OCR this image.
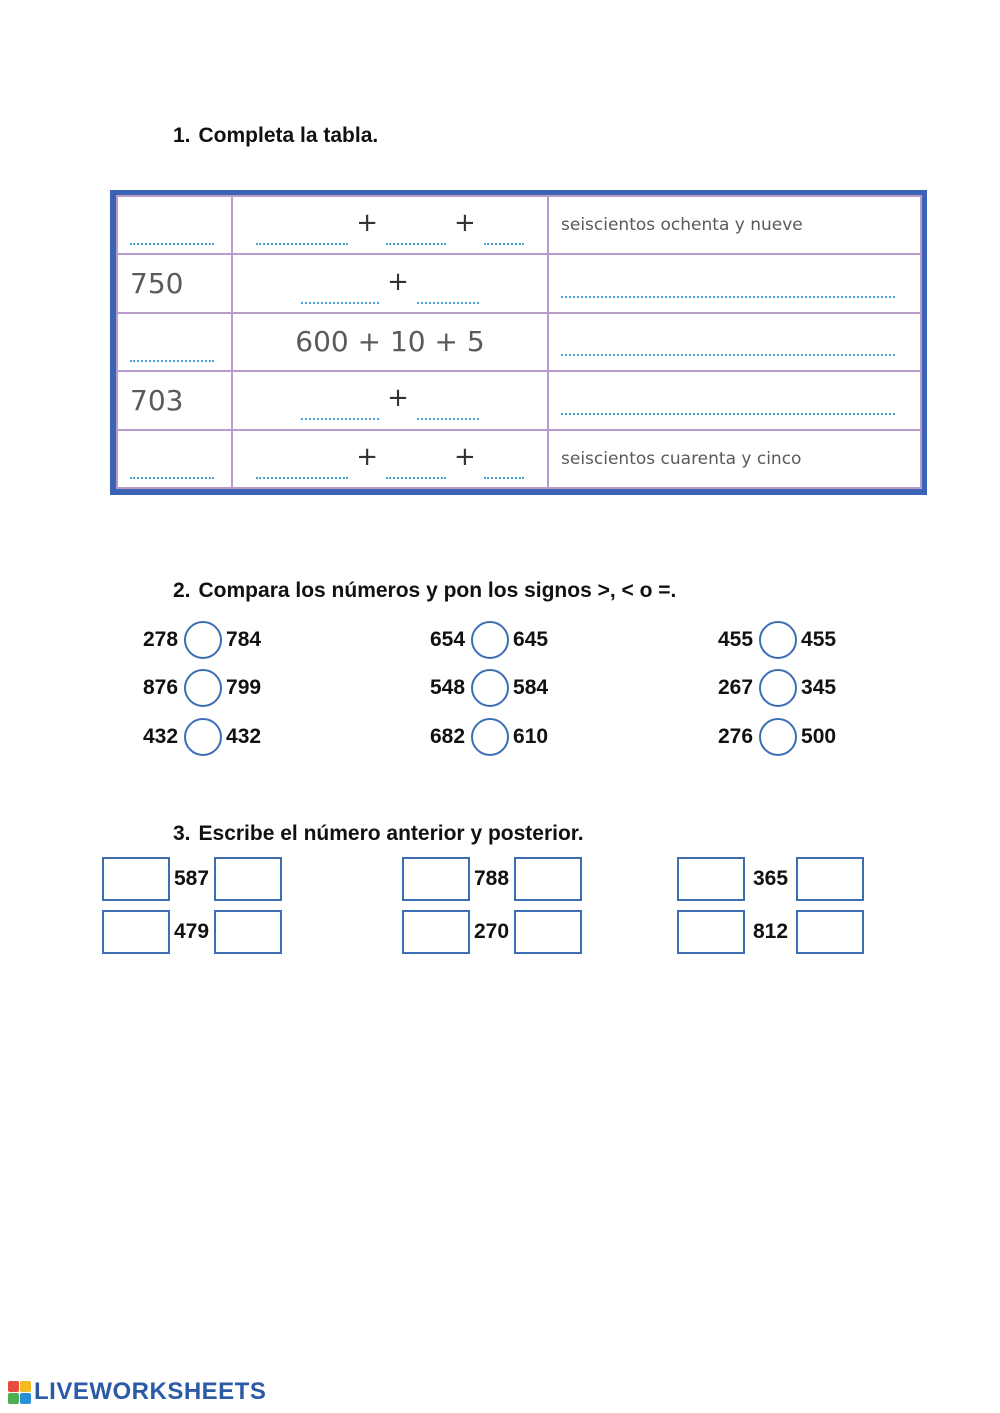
1. Completa la tabla.
	+ +	seiscientos ochenta y nueve
750	+	
	600 + 10 + 5	
703	+	
	+ +	seiscientos cuarenta y cinco
2. Compara los números y pon los signos >, < o =.
278 784	654 645	455 455
876 799	548 584	267 345
432 432	682 610	276 500
3. Escribe el número anterior y posterior.
587	788	365
479	270	812
LIVEWORKSHEETS
